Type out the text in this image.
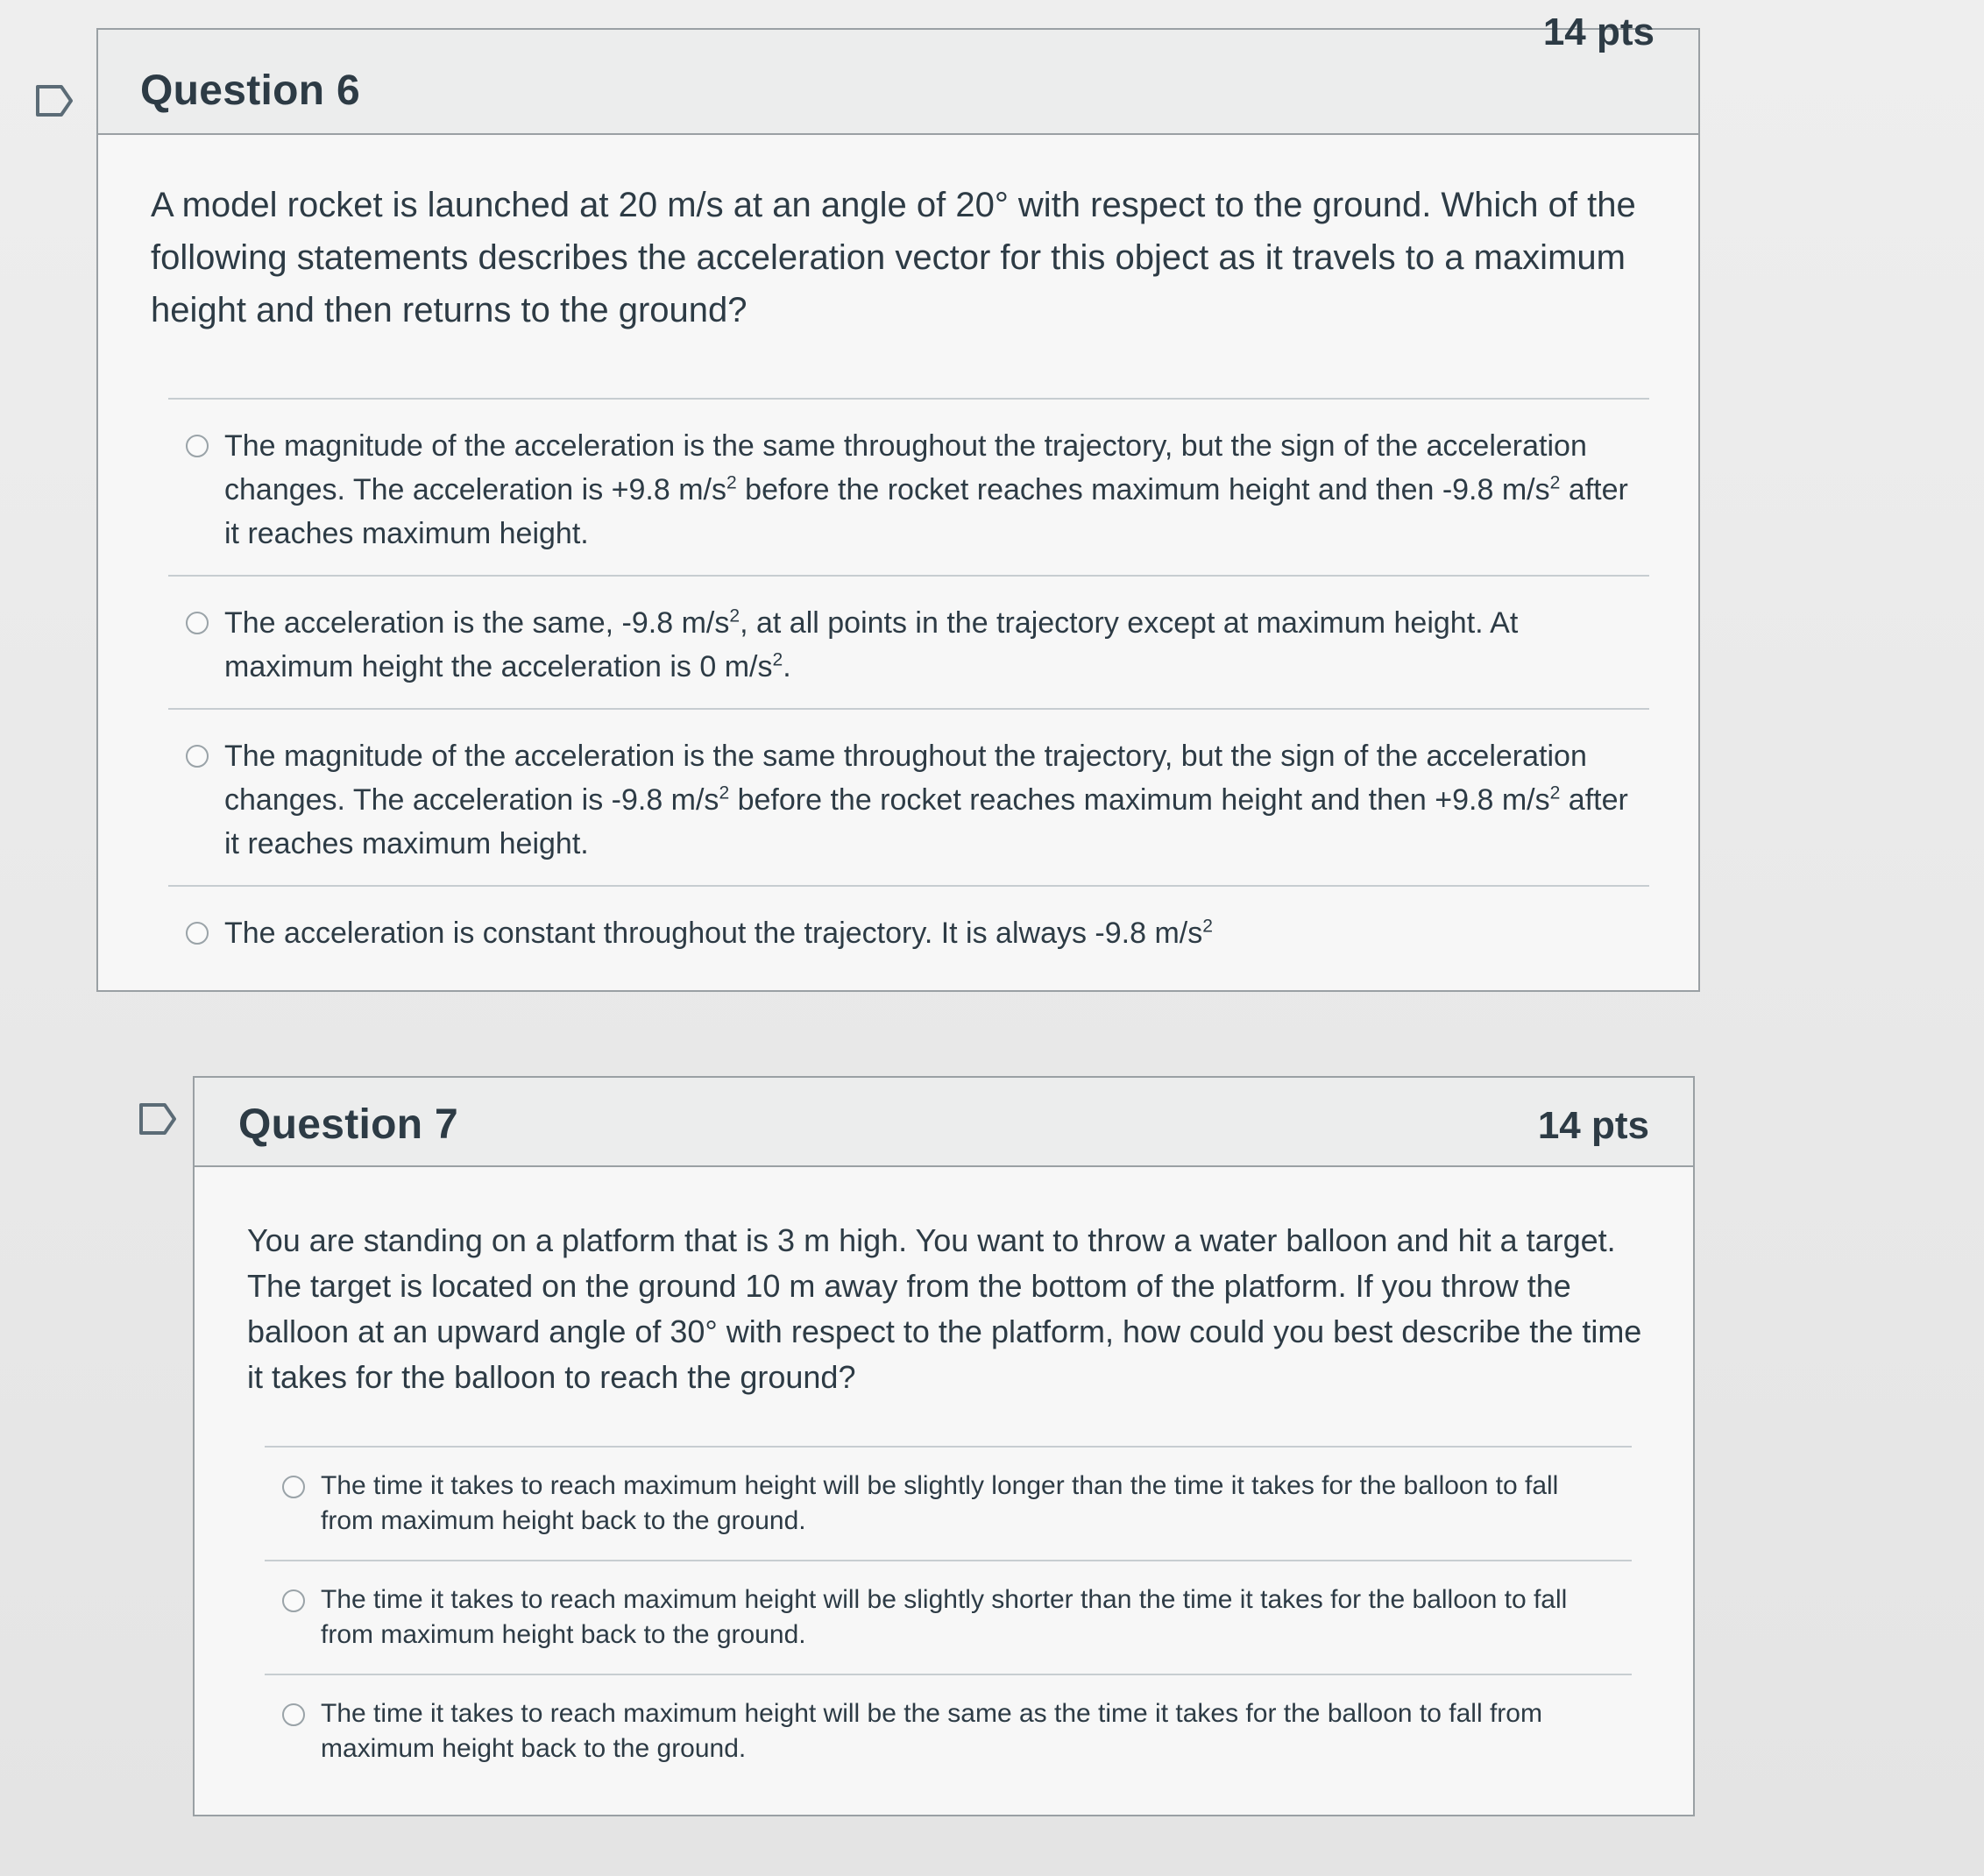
Question 6
14 pts
A model rocket is launched at 20 m/s at an angle of 20° with respect to the ground. Which of the following statements describes the acceleration vector for this object as it travels to a maximum height and then returns to the ground?
The magnitude of the acceleration is the same throughout the trajectory, but the sign of the acceleration changes. The acceleration is +9.8 $m/s^2$ before the rocket reaches maximum height and then -9.8 $m/s^2$ after it reaches maximum height.
The acceleration is the same, -9.8 $m/s^2$, at all points in the trajectory except at maximum height. At maximum height the acceleration is 0 $m/s^2$.
The magnitude of the acceleration is the same throughout the trajectory, but the sign of the acceleration changes. The acceleration is -9.8 $m/s^2$ before the rocket reaches maximum height and then +9.8 $m/s^2$ after it reaches maximum height.
The acceleration is constant throughout the trajectory. It is always -9.8 $m/s^2$
Question 7	14 pts
You are standing on a platform that is 3 m high. You want to throw a water balloon and hit a target. The target is located on the ground 10 m away from the bottom of the platform. If you throw the balloon at an upward angle of 30° with respect to the platform, how could you best describe the time it takes for the balloon to reach the ground?
The time it takes to reach maximum height will be slightly longer than the time it takes for the balloon to fall from maximum height back to the ground.
The time it takes to reach maximum height will be slightly shorter than the time it takes for the balloon to fall from maximum height back to the ground.
The time it takes to reach maximum height will be the same as the time it takes for the balloon to fall from maximum height back to the ground.
